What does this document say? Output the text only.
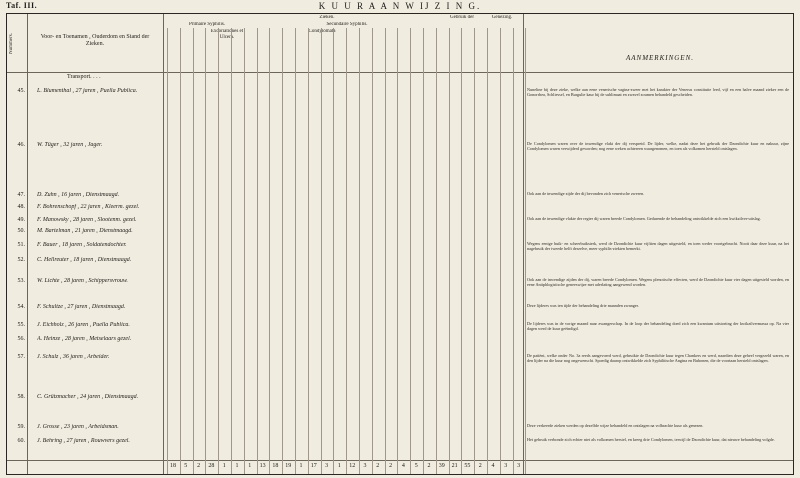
Taf. III.	K U U R A A N W IJ Z I N G.
Nummers.	Voor- en Toenamen , Ouderdom en Stand der Zieken.
Zieken.
Primaire Syphilis.	Secundaire Syphilis.
Excoriationes et Ulcera.
Condylomata
Gebruik der	Genezing.
AANMERKINGEN.
Transport. . . .
45. L. Blumenthal , 27 jaren , Puella Publica.	Nuneline bij deze zieke, welke aan eene venerische vagina-zweer met het karakter der Venerus constitutie leed, vijf en een halve maand zieker een de Gonorrhea, Schliessel, en Burgulie kaur bij de sublimaat en zwavel zoumen behandeld gescheiden.
46. W. Tüger , 32 jaren , Jager.	De Condylomen waren over de inwendige vlakt der dij verspreid. De lijder, welke, nadat deze het gebruik der Dzondichie kuur en nakuur, zijne Condylomen waren verwijderd geworden; nog eene weken achtereen waargenomen, en toen als volkomen hersteld ontslagen.
47. D. Zuhn , 16 jaren , Dienstmaagd.	Ook aan de inwendige zijde der dij bevonden zich venerische zweren.
48. F. Bohrenschopf , 22 jaren , Kleerm. gezel.
49. F. Manowsky , 28 jaren , Slootenm. gezel.	Ook aan de inwendige vlakte der regter dij waren breede Condylomen. Gedurende de behandeling ontwikkelde zich een kwikzilver-uitslag.
50. M. Bartelman , 21 jaren , Dienstmaagd.
51. F. Bauer , 18 jaren , Soldatendochter.	Wegens eenige buik- en scheerbuiksterk, werd de Dzondichie kuur vijftien dagen uitgesteld, en toen weder voortgebracht. Nooit daar deze kuur, na het nagebruik der tweede helft derzelve, meer syphilis-ziekten bemerkt.
52. C. Hellreuter , 18 jaren , Dienstmaagd.
53. W. Lichte , 28 jaren , Schippersvrouw.	Ook aan de inwendige zijden der dij, waren breede Condylomen. Wegens plenotische effecten, werd de Dzondichie kuur vier dagen uitgesteld worden, en eene Antiphlogistische geneeswijze met aderlating aangewend worden.
54. F. Schultze , 27 jaren , Dienstmaagd.	Deze lijderes was ten tijde der behandeling drie maanden zwanger.
55. J. Eichholz , 26 jaren , Puella Publica.	De lijderes was in de vorige maand naar zwangerschap. In de loop der behandeling doed zich een kwantum uitstorting der kwikzilvermassa op. Na vier dagen werd de kuur geëindigd.
56. A. Heinze , 28 jaren , Metselaars gezel.
57. J. Schulz , 36 jaren , Arbeider.	De patiënt, welke onder No. 3a reeds aangevoerd werd, gebruikte de Dzondichie kuur tegen Chankers en werd, naardien deze geheel vergezeld waren, en den lijder na die kuur nog ongewenscht. Spoedig daarop ontwikkelde zich Syphilitische Angina en Bubonen, die de voortaan hersteld ontslagen.
58. C. Grützmacher , 24 jaren , Dienstmaagd.
59. J. Grosse , 23 jaren , Arbeidsman.	Deze verkeerde zieken werden op dezelfde wijze behandeld en ontslagen na volbrachte kuur als genezen.
60. J. Behring , 27 jaren , Rouwvers gezel.	Het gebruik verbonde zich echter niet als volkomen herstel, en kreeg drie Condylomen, terwijl de Dzondichie kuur, dat nieuwe behandeling volgde.
18	5	2	28	1	1	1	13 18 19	1	17	3	1	12	3	2	2	4	5	2	39 21 55	2	4	3	3
